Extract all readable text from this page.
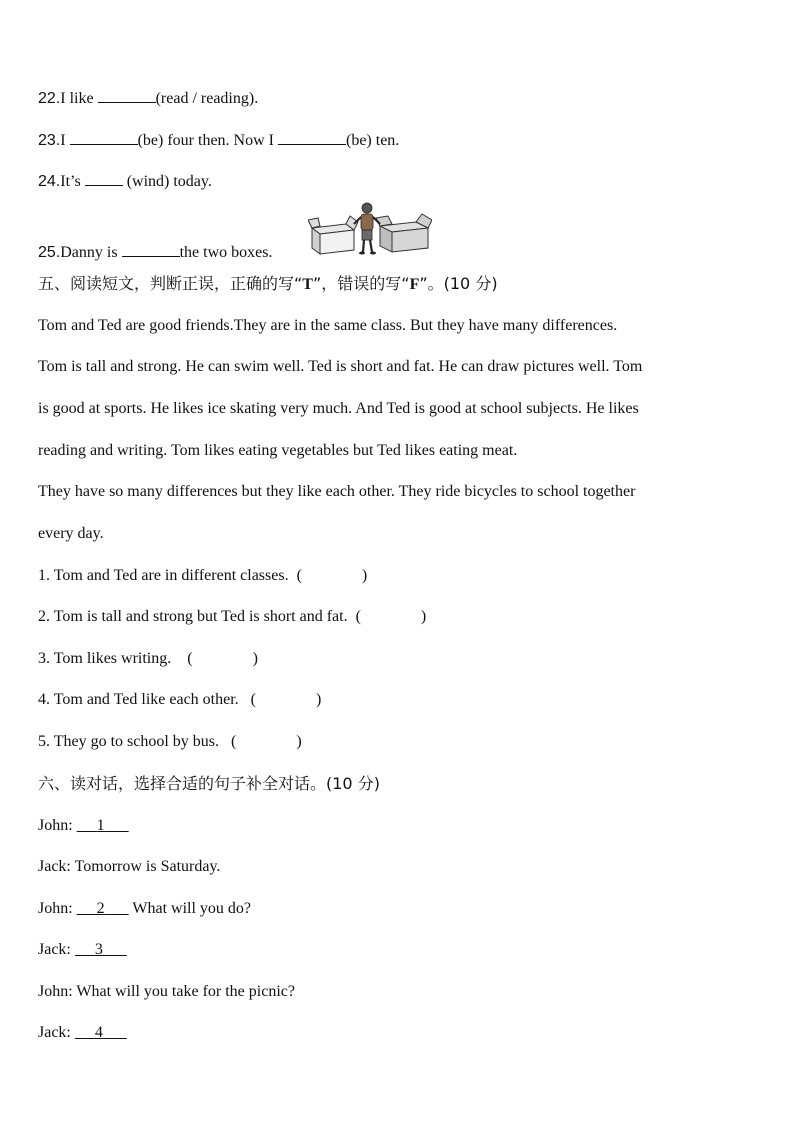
22.I like	(read / reading).
23.I	(be) four then. Now I	(be) ten.
24.It’s  (wind) today.
25.Danny is	the two boxes.
五、阅读短文，判断正误，正确的写“T”，错误的写“F”。(10 分)
Tom and Ted are good friends.They are in the same class. But they have many differences.
Tom is tall and strong. He can swim well. Ted is short and fat. He can draw pictures well. Tom
is good at sports. He likes ice skating very much. And Ted is good at school subjects. He likes
reading and writing. Tom likes eating vegetables but Ted likes eating meat.
They have so many differences but they like each other. They ride bicycles to school together
every day.
1. Tom and Ted are in different classes. (	)
2. Tom is tall and strong but Ted is short and fat. (	)
3. Tom likes writing. (	)
4. Tom and Ted like each other. (	)
5. They go to school by bus. (	)
六、读对话，选择合适的句子补全对话。(10 分)
John:      1
Jack: Tomorrow is Saturday.
John:      2       What will you do?
Jack:      3
John: What will you take for the picnic?
Jack:      4
